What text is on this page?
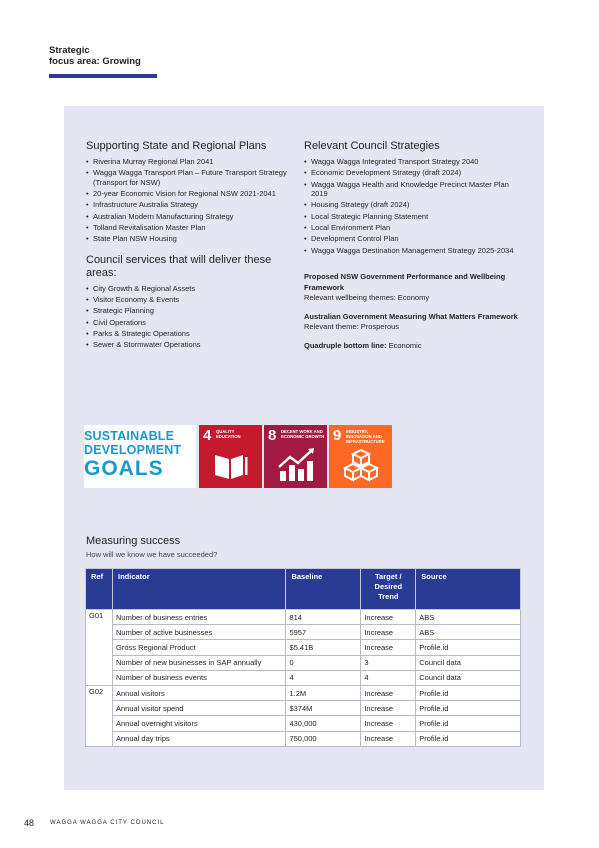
Strategic
focus area: Growing
Supporting State and Regional Plans
• Riverina Murray Regional Plan 2041
• Wagga Wagga Transport Plan – Future Transport Strategy (Transport for NSW)
• 20-year Economic Vision for Regional NSW 2021-2041
• Infrastructure Australia Strategy
• Australian Modern Manufacturing Strategy
• Tolland Revitalisation Master Plan
• State Plan NSW Housing
Council services that will deliver these areas:
• City Growth & Regional Assets
• Visitor Economy & Events
• Strategic Planning
• Civil Operations
• Parks & Strategic Operations
• Sewer & Stormwater Operations
Relevant Council Strategies
• Wagga Wagga Integrated Transport Strategy 2040
• Economic Development Strategy (draft 2024)
• Wagga Wagga Health and Knowledge Precinct Master Plan 2019
• Housing Strategy (draft 2024)
• Local Strategic Planning Statement
• Local Environment Plan
• Development Control Plan
• Wagga Wagga Destination Management Strategy 2025-2034
Proposed NSW Government Performance and Wellbeing Framework
Relevant wellbeing themes: Economy
Australian Government Measuring What Matters Framework
Relevant theme: Prosperous
Quadruple bottom line: Economic
SUSTAINABLE
DEVELOPMENT
GOALS
4 QUALITY EDUCATION	8 DECENT WORK AND ECONOMIC GROWTH 9 INDUSTRY, INNOVATION AND INFRASTRUCTURE
Measuring success
How will we know we have succeeded?
Ref	Indicator	Baseline	Target / Desired Trend	Source
G01	Number of business entries	814	Increase	ABS
	Number of active businesses	5957	Increase	ABS
	Gross Regional Product	$5.41B	Increase	Profile.id
	Number of new businesses in SAP annually	0	3	Council data
	Number of business events	4	4	Council data
G02	Annual visitors	1.2M	Increase	Profile.id
	Annual visitor spend	$374M	Increase	Profile.id
	Annual overnight visitors	430,000	Increase	Profile.id
	Annual day trips	750,000	Increase	Profile.id
48	WAGGA WAGGA CITY COUNCIL
